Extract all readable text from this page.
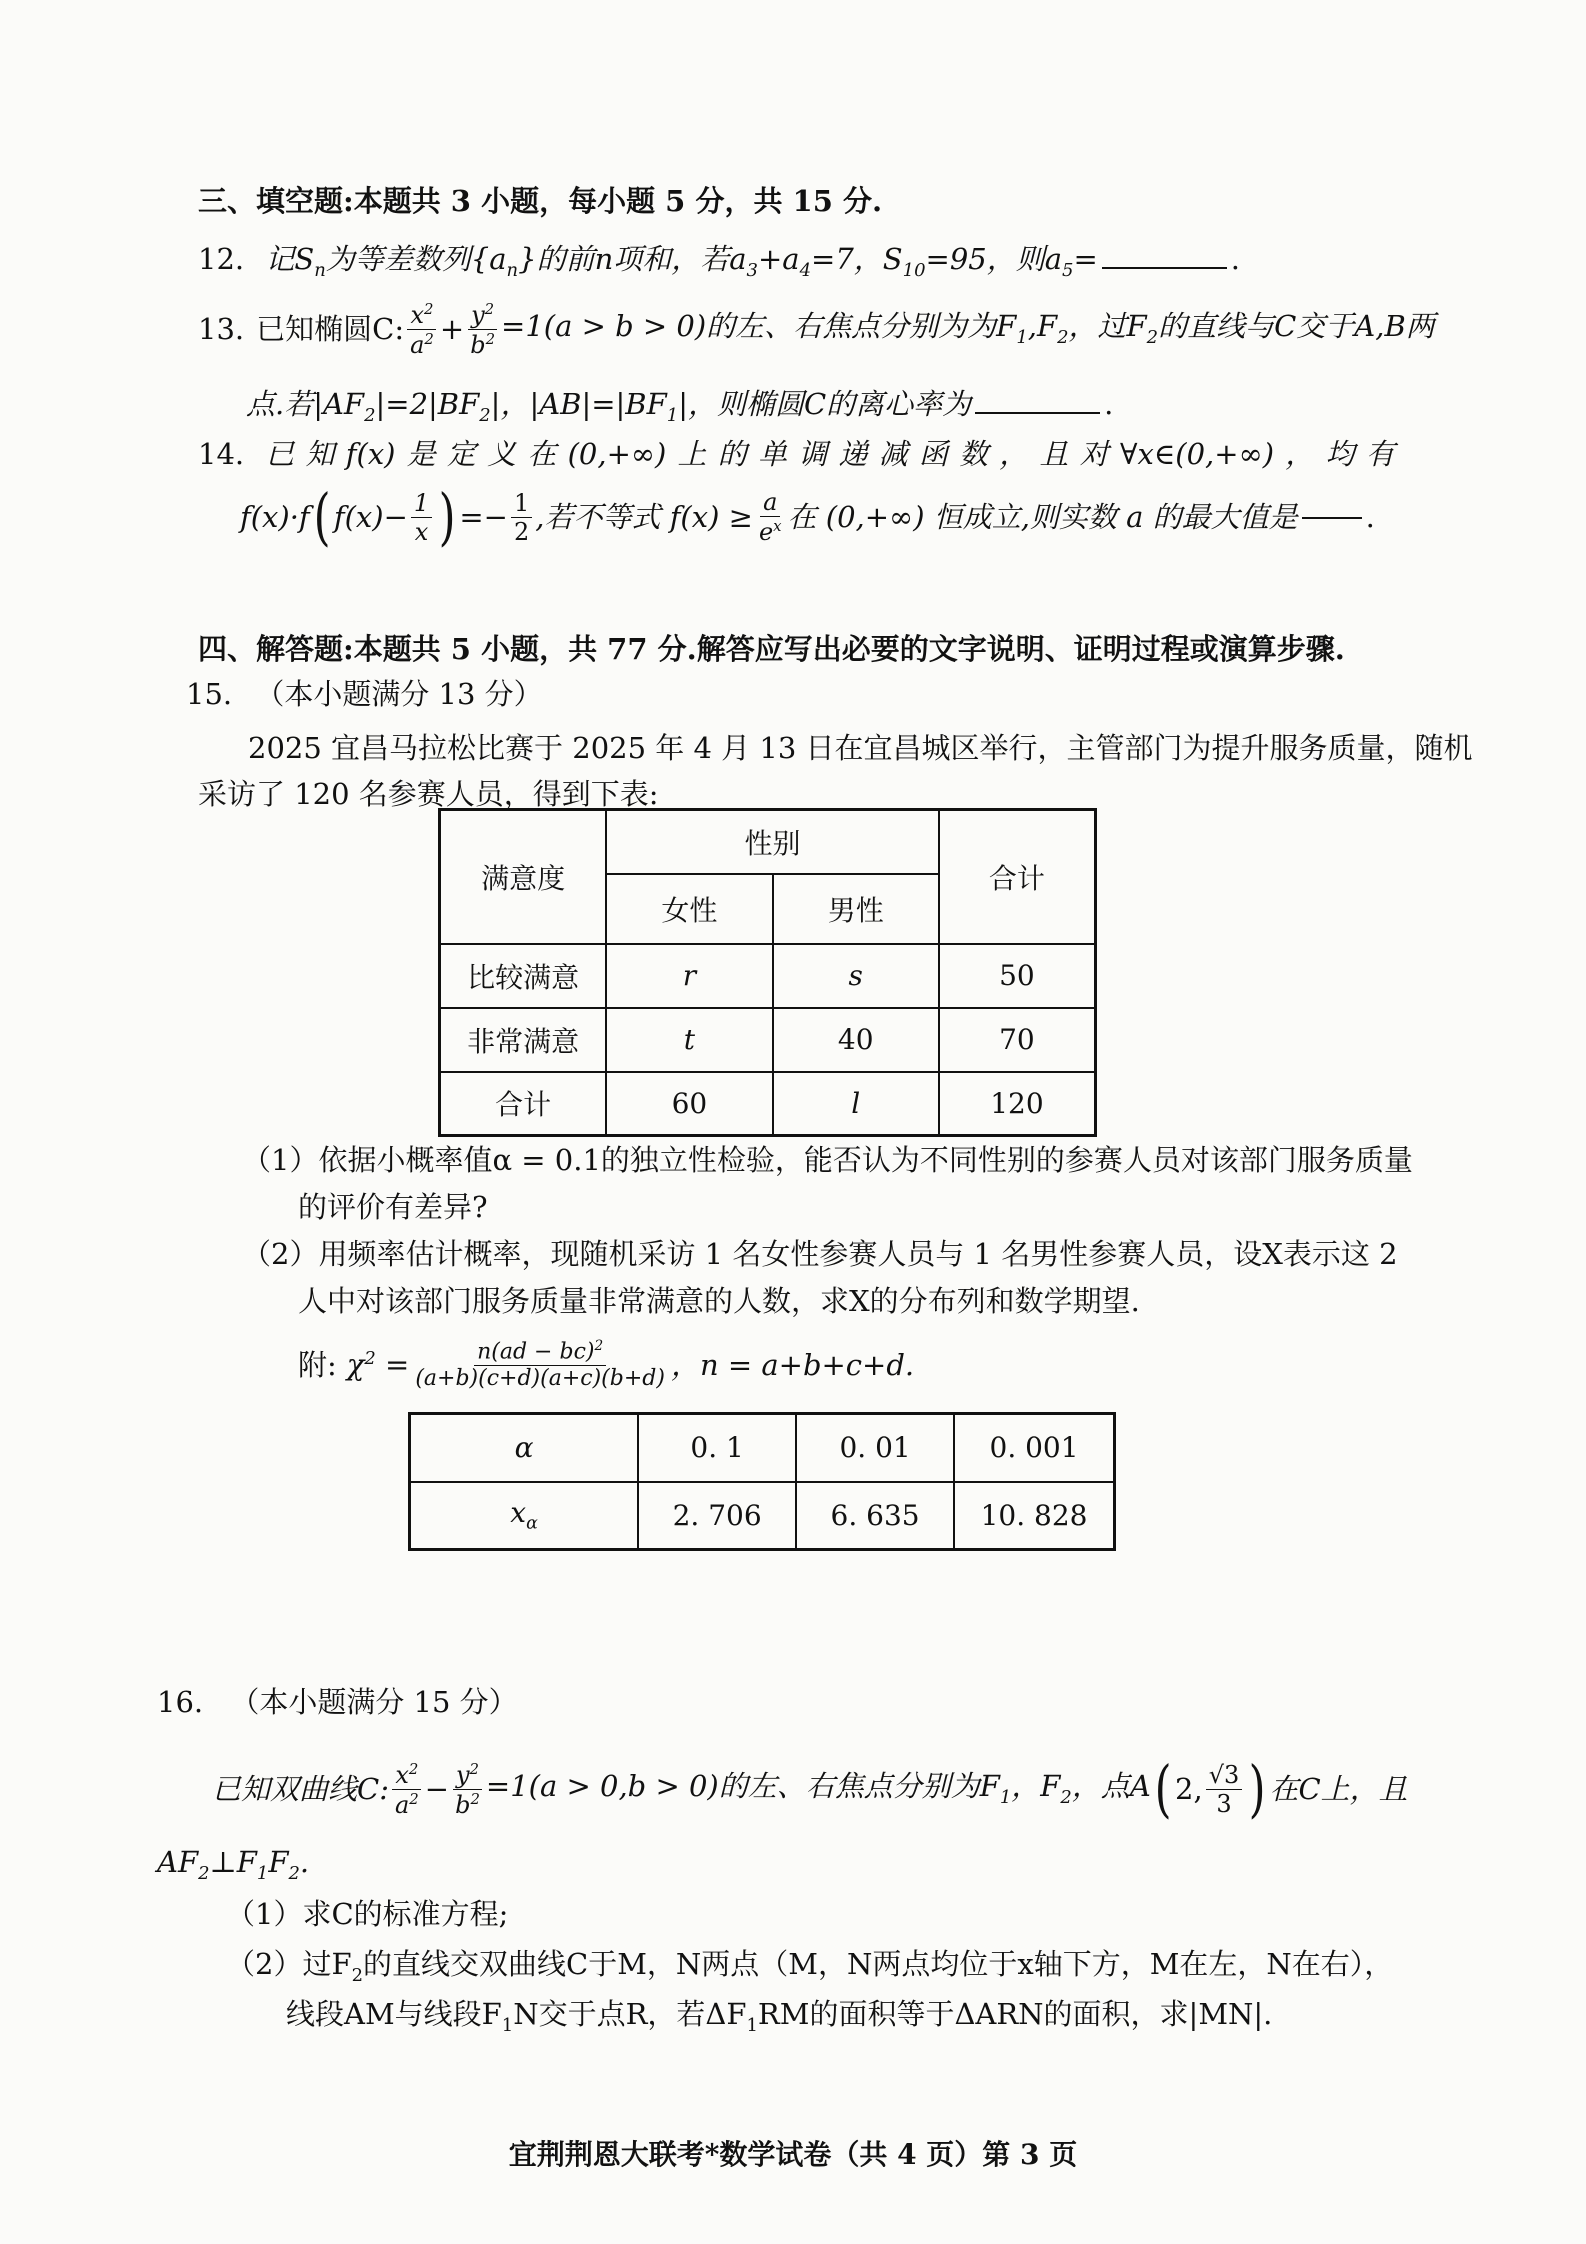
三、填空题:本题共 3 小题，每小题 5 分，共 15 分.
12. 记$S_n$为等差数列$\{a_n\}$的前n项和，若$a_3+a_4=7$，$S_{10}=95$，则$a_5=$	.
13. 已知椭圆C: $\frac{x^2}{a^2} + \frac{y^2}{b^2} =1(a > b > 0)$的左、右焦点分别为为$F_1,F_2$，过$F_2$的直线与C交于A,B两
点.若$|AF_2|=2|BF_2|$，$|AB|=|BF_1|$，则椭圆C的离心率为	.
14. 已 知 f(x) 是 定 义 在 (0,+∞) 上 的 单 调 递 减 函 数 ， 且 对 ∀x∈(0,+∞) ， 均 有
f(x)·f ( $f(x)- \frac{1}{x}$ ) =− $\frac{1}{2}$ ,若不等式 $f(x) \ge \frac{a}{e^x}$ 在 (0,+∞) 恒成立,则实数 a 的最大值是 .
四、解答题:本题共 5 小题，共 77 分.解答应写出必要的文字说明、证明过程或演算步骤.
15. （本小题满分 13 分）
2025 宜昌马拉松比赛于 2025 年 4 月 13 日在宜昌城区举行，主管部门为提升服务质量，随机
采访了 120 名参赛人员，得到下表:
满意度	性别		合计
	女性	男性	
比较满意	r	s	50
非常满意	t	40	70
合计	60	l	120
（1）依据小概率值α = 0.1的独立性检验，能否认为不同性别的参赛人员对该部门服务质量
的评价有差异?
（2）用频率估计概率，现随机采访 1 名女性参赛人员与 1 名男性参赛人员，设X表示这 2
人中对该部门服务质量非常满意的人数，求X的分布列和数学期望.
附: $\chi^2 = \frac{n(ad - bc)^2}{(a+b)(c+d)(a+c)(b+d)}$ ，n = a+b+c+d.
α	0. 1	0. 01	0. 001
$x_\alpha$	2. 706	6. 635	10. 828
16. （本小题满分 15 分）
已知双曲线C: $\frac{x^2}{a^2} - \frac{y^2}{b^2} =1(a > 0,b > 0)$的左、右焦点分别为$F_1$，$F_2$，点A ( 2, $\frac{√3}{3}$ ) 在C上，且
$AF_2\perp F_1F_2$.
（1）求C的标准方程;
（2）过$F_2$的直线交双曲线C于M，N两点（M，N两点均位于x轴下方，M在左，N在右），
线段AM与线段$F_1N$交于点R，若$\Delta F_1RM$的面积等于ΔARN的面积，求|MN|.
宜荆荆恩大联考*数学试卷（共 4 页）第 3 页
